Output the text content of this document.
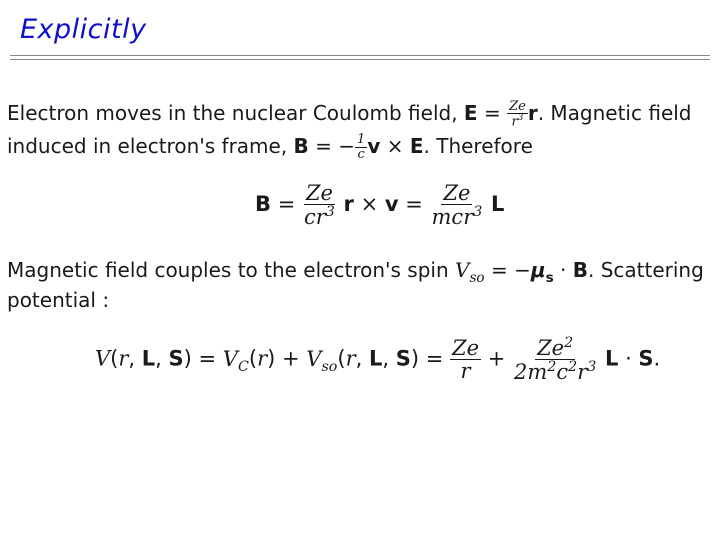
Explicitly
Electron moves in the nuclear Coulomb field, $E = \frac{Ze}{r^3} r$. Magnetic field
induced in electron's frame, B = − $\frac{1}{c}$ v × E. Therefore
$B = \frac{Ze}{cr^3}$ $r \times v = \frac{Ze}{mcr^3}$ L
Magnetic field couples to the electron's spin $V_{so} = -\mu_s \cdot B$. Scattering
potential :
V(r, L, $S) = V_C(r) + V_{so}(r$, L, $S) = \frac{Ze}{r} + \frac{Ze^2}{2m^2c^2r^3}$ L · S.
